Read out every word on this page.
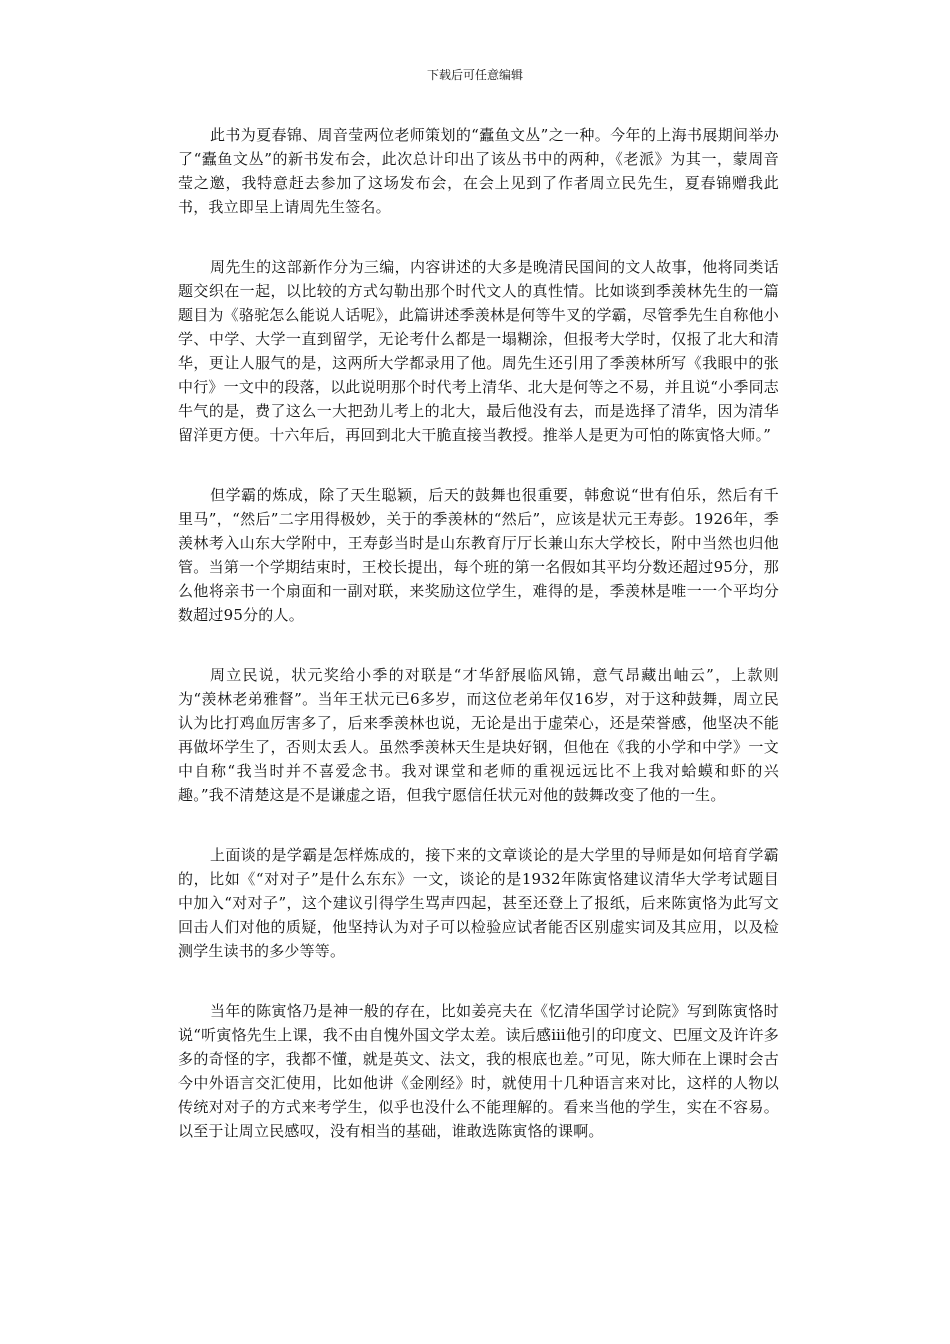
下载后可任意编辑

此书为夏春锦、周音莹两位老师策划的“蠹鱼文丛”之一种。今年的上海书展期间举办了“蠹鱼文丛”的新书发布会，此次总计印出了该丛书中的两种，《老派》为其一，蒙周音莹之邀，我特意赶去参加了这场发布会，在会上见到了作者周立民先生，夏春锦赠我此书，我立即呈上请周先生签名。

周先生的这部新作分为三编，内容讲述的大多是晚清民国间的文人故事，他将同类话题交织在一起，以比较的方式勾勒出那个时代文人的真性情。比如谈到季羡林先生的一篇题目为《骆驼怎么能说人话呢》，此篇讲述季羡林是何等牛叉的学霸，尽管季先生自称他小学、中学、大学一直到留学，无论考什么都是一塌糊涂，但报考大学时，仅报了北大和清华，更让人服气的是，这两所大学都录用了他。周先生还引用了季羡林所写《我眼中的张中行》一文中的段落，以此说明那个时代考上清华、北大是何等之不易，并且说“小季同志牛气的是，费了这么一大把劲儿考上的北大，最后他没有去，而是选择了清华，因为清华留洋更方便。十六年后，再回到北大干脆直接当教授。推举人是更为可怕的陈寅恪大师。”

但学霸的炼成，除了天生聪颖，后天的鼓舞也很重要，韩愈说“世有伯乐，然后有千里马”，“然后”二字用得极妙，关于的季羡林的“然后”，应该是状元王寿彭。1926年，季羡林考入山东大学附中，王寿彭当时是山东教育厅厅长兼山东大学校长，附中当然也归他管。当第一个学期结束时，王校长提出，每个班的第一名假如其平均分数还超过95分，那么他将亲书一个扇面和一副对联，来奖励这位学生，难得的是，季羡林是唯一一个平均分数超过95分的人。

周立民说，状元奖给小季的对联是“才华舒展临风锦，意气昂藏出岫云”，上款则为“羡林老弟雅督”。当年王状元已6多岁，而这位老弟年仅16岁，对于这种鼓舞，周立民认为比打鸡血厉害多了，后来季羡林也说，无论是出于虚荣心，还是荣誉感，他坚决不能再做坏学生了，否则太丢人。虽然季羡林天生是块好钢，但他在《我的小学和中学》一文中自称“我当时并不喜爱念书。我对课堂和老师的重视远远比不上我对蛤蟆和虾的兴趣。”我不清楚这是不是谦虚之语，但我宁愿信任状元对他的鼓舞改变了他的一生。

上面谈的是学霸是怎样炼成的，接下来的文章谈论的是大学里的导师是如何培育学霸的，比如《“对对子”是什么东东》一文，谈论的是1932年陈寅恪建议清华大学考试题目中加入“对对子”，这个建议引得学生骂声四起，甚至还登上了报纸，后来陈寅恪为此写文回击人们对他的质疑，他坚持认为对子可以检验应试者能否区别虚实词及其应用，以及检测学生读书的多少等等。

当年的陈寅恪乃是神一般的存在，比如姜亮夫在《忆清华国学讨论院》写到陈寅恪时说“听寅恪先生上课，我不由自愧外国文学太差。读后感ⅲ他引的印度文、巴厘文及许许多多的奇怪的字，我都不懂，就是英文、法文，我的根底也差。”可见，陈大师在上课时会古今中外语言交汇使用，比如他讲《金刚经》时，就使用十几种语言来对比，这样的人物以传统对对子的方式来考学生，似乎也没什么不能理解的。看来当他的学生，实在不容易。以至于让周立民感叹，没有相当的基础，谁敢选陈寅恪的课啊。
